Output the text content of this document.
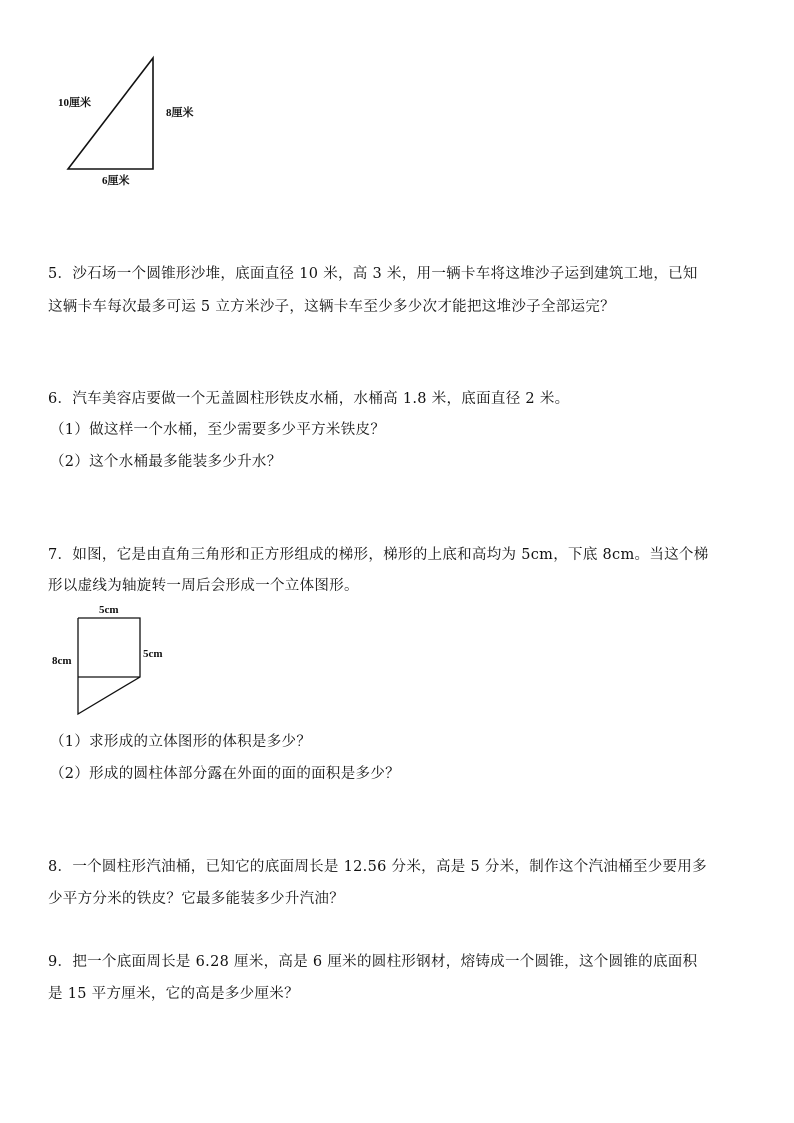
10厘米
8厘米
6厘米
5．沙石场一个圆锥形沙堆，底面直径 10 米，高 3 米，用一辆卡车将这堆沙子运到建筑工地，已知
这辆卡车每次最多可运 5 立方米沙子，这辆卡车至少多少次才能把这堆沙子全部运完？
6．汽车美容店要做一个无盖圆柱形铁皮水桶，水桶高 1.8 米，底面直径 2 米。
（1）做这样一个水桶，至少需要多少平方米铁皮？
（2）这个水桶最多能装多少升水？
7．如图，它是由直角三角形和正方形组成的梯形，梯形的上底和高均为 5cm，下底 8cm。当这个梯
形以虚线为轴旋转一周后会形成一个立体图形。
5cm
5cm
8cm
（1）求形成的立体图形的体积是多少？
（2）形成的圆柱体部分露在外面的面的面积是多少？
8．一个圆柱形汽油桶，已知它的底面周长是 12.56 分米，高是 5 分米，制作这个汽油桶至少要用多
少平方分米的铁皮？它最多能装多少升汽油？
9．把一个底面周长是 6.28 厘米，高是 6 厘米的圆柱形钢材，熔铸成一个圆锥，这个圆锥的底面积
是 15 平方厘米，它的高是多少厘米？
